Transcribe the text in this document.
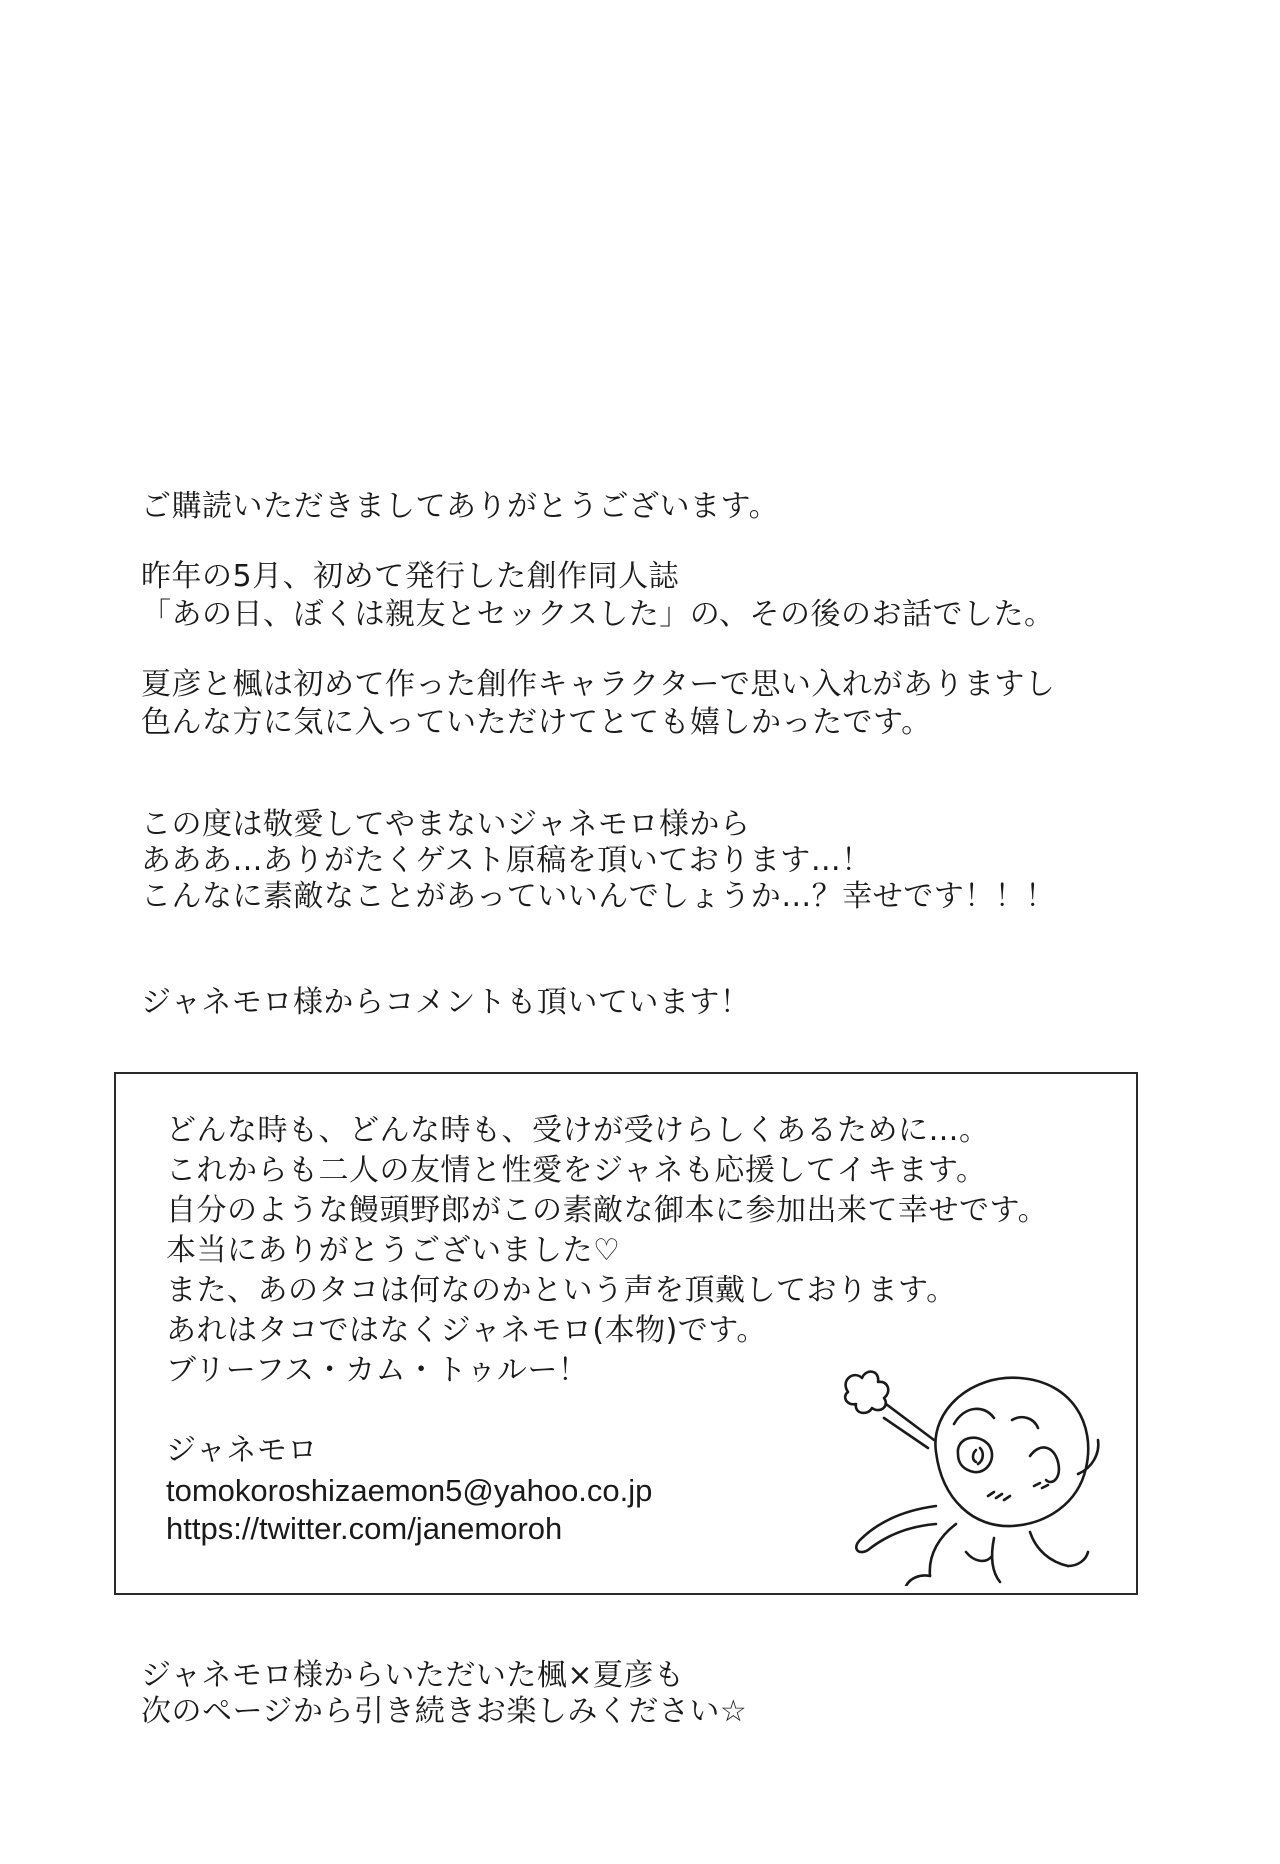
ご購読いただきましてありがとうございます。
昨年の5月、初めて発行した創作同人誌
「あの日、ぼくは親友とセックスした」の、その後のお話でした。
夏彦と楓は初めて作った創作キャラクターで思い入れがありますし
色んな方に気に入っていただけてとても嬉しかったです。
この度は敬愛してやまないジャネモロ様から
あああ…ありがたくゲスト原稿を頂いております…！
こんなに素敵なことがあっていいんでしょうか…？幸せです！！！
ジャネモロ様からコメントも頂いています！
どんな時も、どんな時も、受けが受けらしくあるために…。
これからも二人の友情と性愛をジャネも応援してイキます。
自分のような饅頭野郎がこの素敵な御本に参加出来て幸せです。
本当にありがとうございました♡
また、あのタコは何なのかという声を頂戴しております。
あれはタコではなくジャネモロ(本物)です。
ブリーフス・カム・トゥルー！
ジャネモロ
tomokoroshizaemon5@yahoo.co.jp
https://twitter.com/janemoroh
ジャネモロ様からいただいた楓×夏彦も
次のページから引き続きお楽しみください☆
